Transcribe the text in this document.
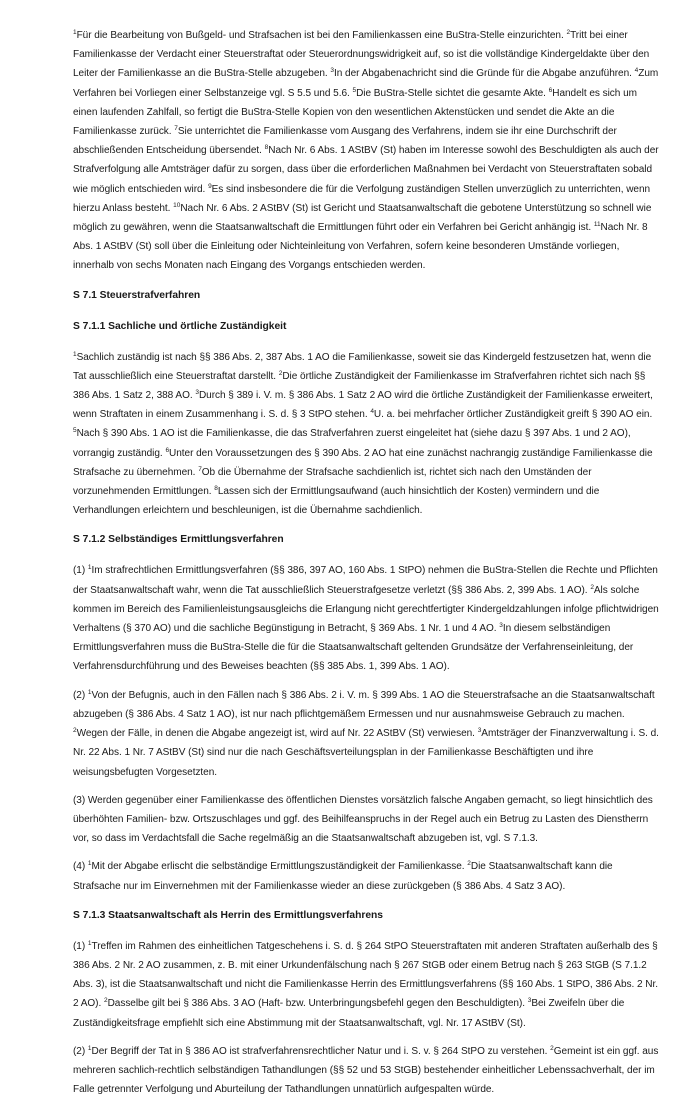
$^1$Für die Bearbeitung von Bußgeld- und Strafsachen ist bei den Familienkassen eine BuStra-Stelle einzurichten. $^2$Tritt bei einer Familienkasse der Verdacht einer Steuerstraftat oder Steuerordnungswidrigkeit auf, so ist die vollständige Kindergeldakte über den Leiter der Familienkasse an die BuStra-Stelle abzugeben. $^3$In der Abgabenachricht sind die Gründe für die Abgabe anzuführen. $^4$Zum Verfahren bei Vorliegen einer Selbstanzeige vgl. S 5.5 und 5.6. $^5$Die BuStra-Stelle sichtet die gesamte Akte. $^6$Handelt es sich um einen laufenden Zahlfall, so fertigt die BuStra-Stelle Kopien von den wesentlichen Aktenstücken und sendet die Akte an die Familienkasse zurück. $^7$Sie unterrichtet die Familienkasse vom Ausgang des Verfahrens, indem sie ihr eine Durchschrift der abschließenden Entscheidung übersendet. $^8$Nach Nr. 6 Abs. 1 AStBV (St) haben im Interesse sowohl des Beschuldigten als auch der Strafverfolgung alle Amtsträger dafür zu sorgen, dass über die erforderlichen Maßnahmen bei Verdacht von Steuerstraftaten sobald wie möglich entschieden wird. $^9$Es sind insbesondere die für die Verfolgung zuständigen Stellen unverzüglich zu unterrichten, wenn hierzu Anlass besteht. $^{10}$Nach Nr. 6 Abs. 2 AStBV (St) ist Gericht und Staatsanwaltschaft die gebotene Unterstützung so schnell wie möglich zu gewähren, wenn die Staatsanwaltschaft die Ermittlungen führt oder ein Verfahren bei Gericht anhängig ist. $^{11}$Nach Nr. 8 Abs. 1 AStBV (St) soll über die Einleitung oder Nichteinleitung von Verfahren, sofern keine besonderen Umstände vorliegen, innerhalb von sechs Monaten nach Eingang des Vorgangs entschieden werden.

S 7.1 Steuerstrafverfahren
S 7.1.1 Sachliche und örtliche Zuständigkeit

$^1$Sachlich zuständig ist nach §§ 386 Abs. 2, 387 Abs. 1 AO die Familienkasse, soweit sie das Kindergeld festzusetzen hat, wenn die Tat ausschließlich eine Steuerstraftat darstellt. $^2$Die örtliche Zuständigkeit der Familienkasse im Strafverfahren richtet sich nach §§ 386 Abs. 1 Satz 2, 388 AO. $^3$Durch § 389 i. V. m. § 386 Abs. 1 Satz 2 AO wird die örtliche Zuständigkeit der Familienkasse erweitert, wenn Straftaten in einem Zusammenhang i. S. d. § 3 StPO stehen. $^4$U. a. bei mehrfacher örtlicher Zuständigkeit greift § 390 AO ein. $^5$Nach § 390 Abs. 1 AO ist die Familienkasse, die das Strafverfahren zuerst eingeleitet hat (siehe dazu § 397 Abs. 1 und 2 AO), vorrangig zuständig. $^6$Unter den Voraussetzungen des § 390 Abs. 2 AO hat eine zunächst nachrangig zuständige Familienkasse die Strafsache zu übernehmen. $^7$Ob die Übernahme der Strafsache sachdienlich ist, richtet sich nach den Umständen der vorzunehmenden Ermittlungen. $^8$Lassen sich der Ermittlungsaufwand (auch hinsichtlich der Kosten) vermindern und die Verhandlungen erleichtern und beschleunigen, ist die Übernahme sachdienlich.

S 7.1.2 Selbständiges Ermittlungsverfahren

(1) $^1$Im strafrechtlichen Ermittlungsverfahren (§§ 386, 397 AO, 160 Abs. 1 StPO) nehmen die BuStra-Stellen die Rechte und Pflichten der Staatsanwaltschaft wahr, wenn die Tat ausschließlich Steuerstrafgesetze verletzt (§§ 386 Abs. 2, 399 Abs. 1 AO). $^2$Als solche kommen im Bereich des Familienleistungsausgleichs die Erlangung nicht gerechtfertigter Kindergeldzahlungen infolge pflichtwidrigen Verhaltens (§ 370 AO) und die sachliche Begünstigung in Betracht, § 369 Abs. 1 Nr. 1 und 4 AO. $^3$In diesem selbständigen Ermittlungsverfahren muss die BuStra-Stelle die für die Staatsanwaltschaft geltenden Grundsätze der Verfahrenseinleitung, der Verfahrensdurchführung und des Beweises beachten (§§ 385 Abs. 1, 399 Abs. 1 AO).

(2) $^1$Von der Befugnis, auch in den Fällen nach § 386 Abs. 2 i. V. m. § 399 Abs. 1 AO die Steuerstrafsache an die Staatsanwaltschaft abzugeben (§ 386 Abs. 4 Satz 1 AO), ist nur nach pflichtgemäßem Ermessen und nur ausnahmsweise Gebrauch zu machen. $^2$Wegen der Fälle, in denen die Abgabe angezeigt ist, wird auf Nr. 22 AStBV (St) verwiesen. $^3$Amtsträger der Finanzverwaltung i. S. d. Nr. 22 Abs. 1 Nr. 7 AStBV (St) sind nur die nach Geschäftsverteilungsplan in der Familienkasse Beschäftigten und ihre weisungsbefugten Vorgesetzten.

(3) Werden gegenüber einer Familienkasse des öffentlichen Dienstes vorsätzlich falsche Angaben gemacht, so liegt hinsichtlich des überhöhten Familien- bzw. Ortszuschlages und ggf. des Beihilfeanspruchs in der Regel auch ein Betrug zu Lasten des Dienstherrn vor, so dass im Verdachtsfall die Sache regelmäßig an die Staatsanwaltschaft abzugeben ist, vgl. S 7.1.3.

(4) $^1$Mit der Abgabe erlischt die selbständige Ermittlungszuständigkeit der Familienkasse. $^2$Die Staatsanwaltschaft kann die Strafsache nur im Einvernehmen mit der Familienkasse wieder an diese zurückgeben (§ 386 Abs. 4 Satz 3 AO).

S 7.1.3 Staatsanwaltschaft als Herrin des Ermittlungsverfahrens

(1) $^1$Treffen im Rahmen des einheitlichen Tatgeschehens i. S. d. § 264 StPO Steuerstraftaten mit anderen Straftaten außerhalb des § 386 Abs. 2 Nr. 2 AO zusammen, z. B. mit einer Urkundenfälschung nach § 267 StGB oder einem Betrug nach § 263 StGB (S 7.1.2 Abs. 3), ist die Staatsanwaltschaft und nicht die Familienkasse Herrin des Ermittlungsverfahrens (§§ 160 Abs. 1 StPO, 386 Abs. 2 Nr. 2 AO). $^2$Dasselbe gilt bei § 386 Abs. 3 AO (Haft- bzw. Unterbringungsbefehl gegen den Beschuldigten). $^3$Bei Zweifeln über die Zuständigkeitsfrage empfiehlt sich eine Abstimmung mit der Staatsanwaltschaft, vgl. Nr. 17 AStBV (St).

(2) $^1$Der Begriff der Tat in § 386 AO ist strafverfahrensrechtlicher Natur und i. S. v. § 264 StPO zu verstehen. $^2$Gemeint ist ein ggf. aus mehreren sachlich-rechtlich selbständigen Tathandlungen (§§ 52 und 53 StGB) bestehender einheitlicher Lebenssachverhalt, der im Falle getrennter Verfolgung und Aburteilung der Tathandlungen unnatürlich aufgespalten würde.
